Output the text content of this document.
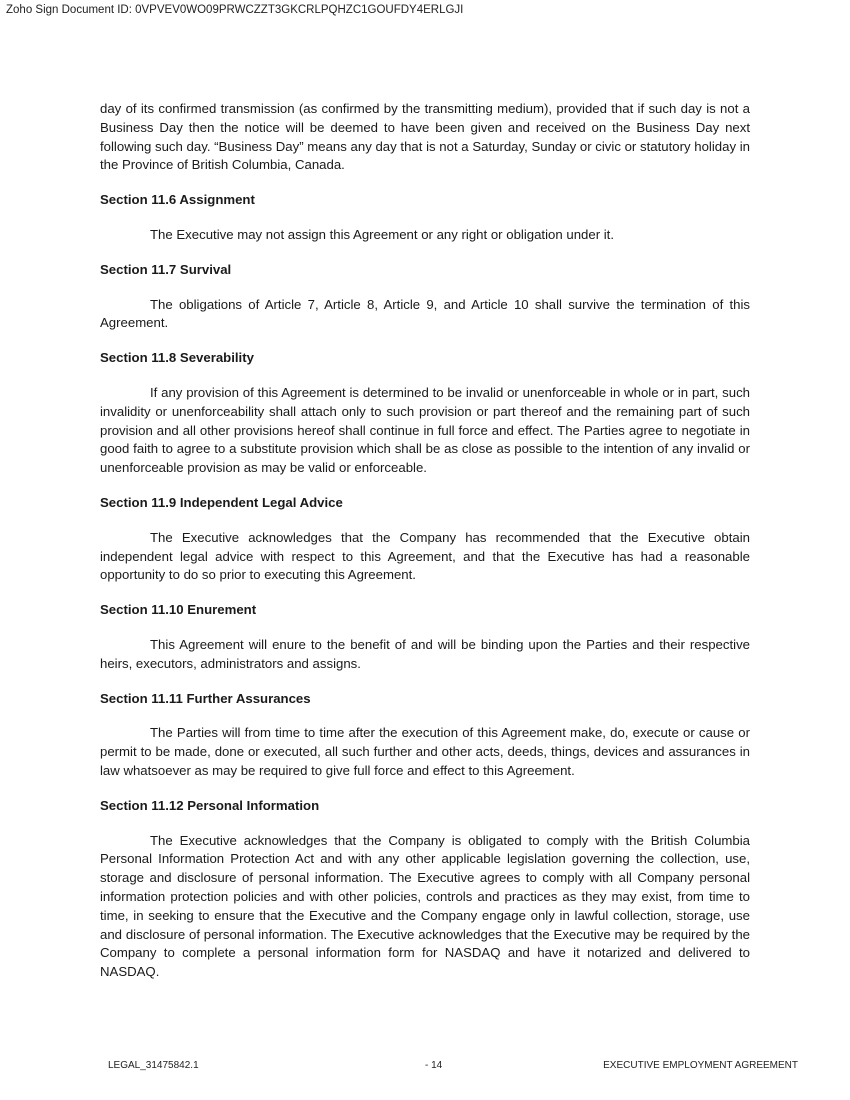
Zoho Sign Document ID: 0VPVEV0WO09PRWCZZT3GKCRLPQHZC1GOUFDY4ERLGJI

day of its confirmed transmission (as confirmed by the transmitting medium), provided that if such day is not a Business Day then the notice will be deemed to have been given and received on the Business Day next following such day. “Business Day” means any day that is not a Saturday, Sunday or civic or statutory holiday in the Province of British Columbia, Canada.

Section 11.6 Assignment

The Executive may not assign this Agreement or any right or obligation under it.

Section 11.7 Survival

The obligations of Article 7, Article 8, Article 9, and Article 10 shall survive the termination of this Agreement.

Section 11.8 Severability

If any provision of this Agreement is determined to be invalid or unenforceable in whole or in part, such invalidity or unenforceability shall attach only to such provision or part thereof and the remaining part of such provision and all other provisions hereof shall continue in full force and effect. The Parties agree to negotiate in good faith to agree to a substitute provision which shall be as close as possible to the intention of any invalid or unenforceable provision as may be valid or enforceable.

Section 11.9 Independent Legal Advice

The Executive acknowledges that the Company has recommended that the Executive obtain independent legal advice with respect to this Agreement, and that the Executive has had a reasonable opportunity to do so prior to executing this Agreement.

Section 11.10 Enurement

This Agreement will enure to the benefit of and will be binding upon the Parties and their respective heirs, executors, administrators and assigns.

Section 11.11 Further Assurances

The Parties will from time to time after the execution of this Agreement make, do, execute or cause or permit to be made, done or executed, all such further and other acts, deeds, things, devices and assurances in law whatsoever as may be required to give full force and effect to this Agreement.

Section 11.12 Personal Information

The Executive acknowledges that the Company is obligated to comply with the British Columbia Personal Information Protection Act and with any other applicable legislation governing the collection, use, storage and disclosure of personal information. The Executive agrees to comply with all Company personal information protection policies and with other policies, controls and practices as they may exist, from time to time, in seeking to ensure that the Executive and the Company engage only in lawful collection, storage, use and disclosure of personal information. The Executive acknowledges that the Executive may be required by the Company to complete a personal information form for NASDAQ and have it notarized and delivered to NASDAQ.

LEGAL_31475842.1	- 14	EXECUTIVE EMPLOYMENT AGREEMENT
